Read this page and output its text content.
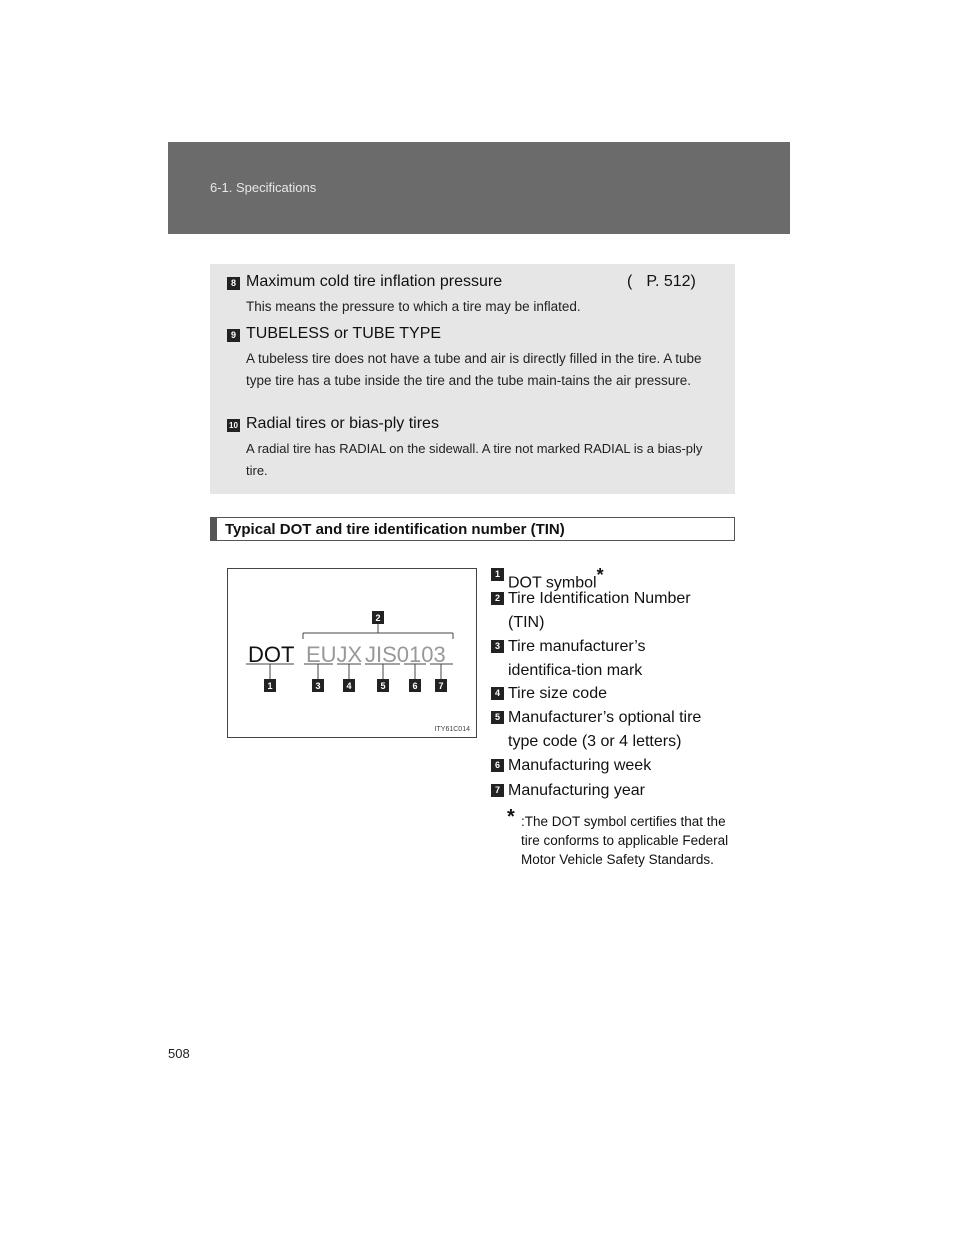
6‑1. Specifications
8 Maximum cold tire inflation pressure	( P. 512)
This means the pressure to which a tire may be inflated.
9 TUBELESS or TUBE TYPE
A tubeless tire does not have a tube and air is directly filled in the tire. A tube type tire has a tube inside the tire and the tube main‑tains the air pressure.
10 Radial tires or bias‑ply tires
A radial tire has RADIAL on the sidewall. A tire not marked RADIAL is a bias‑ply tire.
Typical DOT and tire identification number (TIN)
DOT EUJX JIS0103
2
1	3	4	5	6 7
ITY61C014
1
DOT symbol*
2 Tire Identification Number (TIN)
3 Tire manufacturer’s identifica‑tion mark
4 Tire size code
5 Manufacturer’s optional tire type code (3 or 4 letters)
6 Manufacturing week
7 Manufacturing year
* :The DOT symbol certifies that the tire conforms to applicable Federal Motor Vehicle Safety Standards.
508
